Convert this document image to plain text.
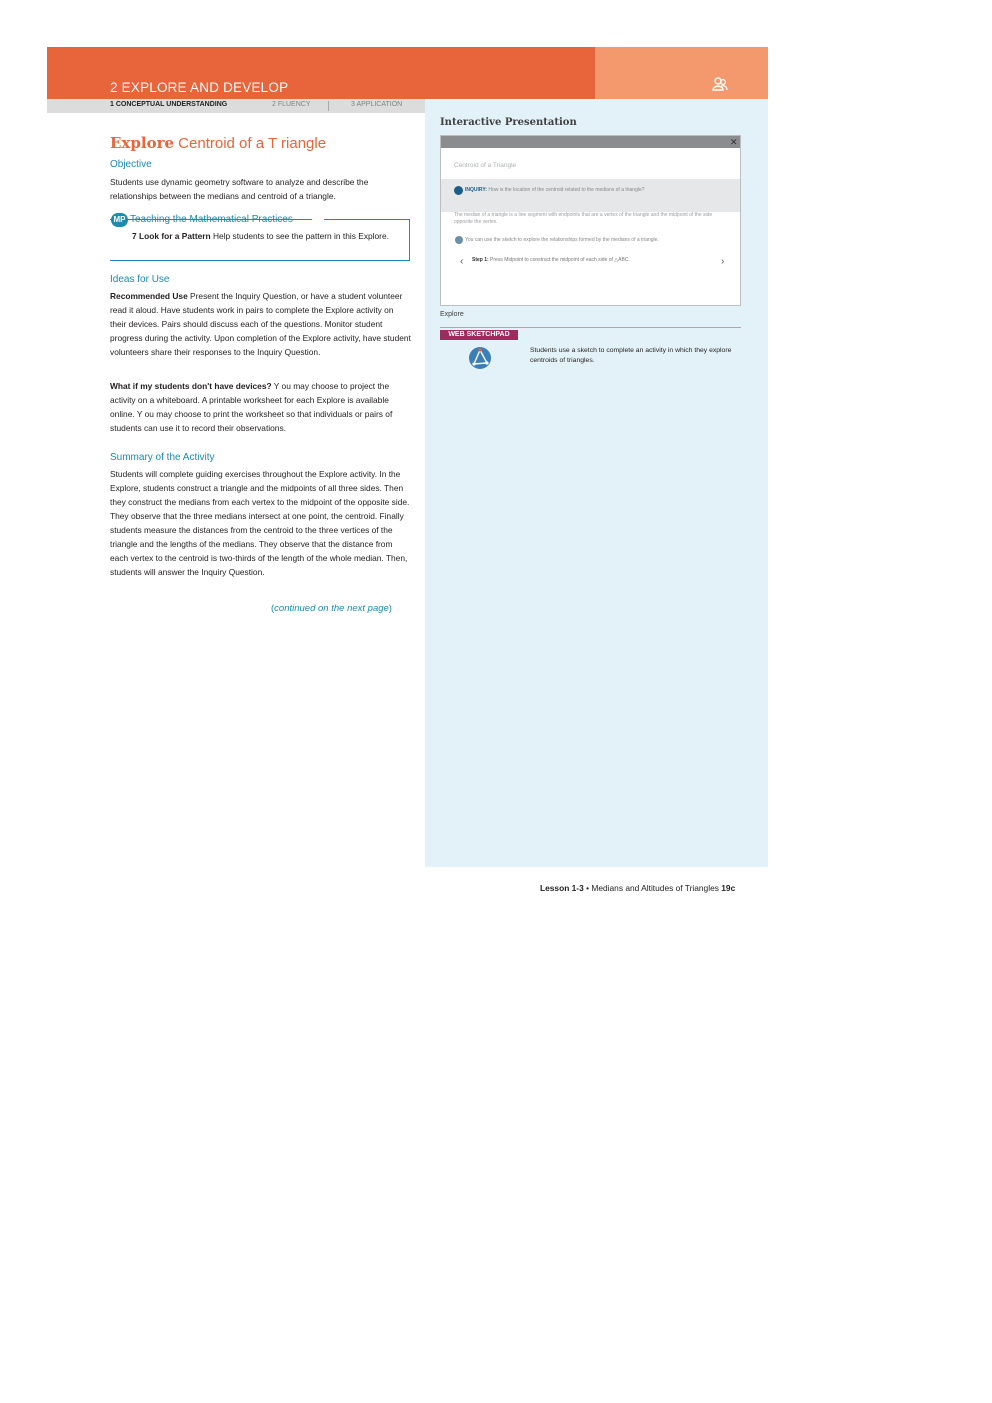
2 EXPLORE AND DEVELOP
1 CONCEPTUAL UNDERSTANDING	2 FLUENCY	3 APPLICATION
Explore Centroid of a T riangle
Objective
Students use dynamic geometry software to analyze and describe the relationships between the medians and centroid of a triangle.
MP Teaching the Mathematical Practices
7 Look for a Pattern Help students to see the pattern in this Explore.
Ideas for Use
Recommended Use Present the Inquiry Question, or have a student volunteer read it aloud. Have students work in pairs to complete the Explore activity on their devices. Pairs should discuss each of the questions. Monitor student progress during the activity. Upon completion of the Explore activity, have student volunteers share their responses to the Inquiry Question.
What if my students don't have devices? Y ou may choose to project the activity on a whiteboard. A printable worksheet for each Explore is available online. Y ou may choose to print the worksheet so that individuals or pairs of students can use it to record their observations.
Summary of the Activity
Students will complete guiding exercises throughout the Explore activity. In the Explore, students construct a triangle and the midpoints of all three sides. Then they construct the medians from each vertex to the midpoint of the opposite side. They observe that the three medians intersect at one point, the centroid. Finally students measure the distances from the centroid to the three vertices of the triangle and the lengths of the medians. They observe that the distance from each vertex to the centroid is two-thirds of the length of the whole median. Then, students will answer the Inquiry Question.
(continued on the next page)
Interactive Presentation
✕
Centroid of a Triangle
INQUIRY: How is the location of the centroid related to the medians of a triangle?
The median of a triangle is a line segment with endpoints that are a vertex of the triangle and the midpoint of the side opposite the vertex.
You can use the sketch to explore the relationships formed by the medians of a triangle.
‹ Step 1: Press Midpoint to construct the midpoint of each side of △ABC.	›
Explore
WEB SKETCHPAD
Students use a sketch to complete an activity in which they explore centroids of triangles.
Lesson 1-3 • Medians and Altitudes of Triangles 19c
